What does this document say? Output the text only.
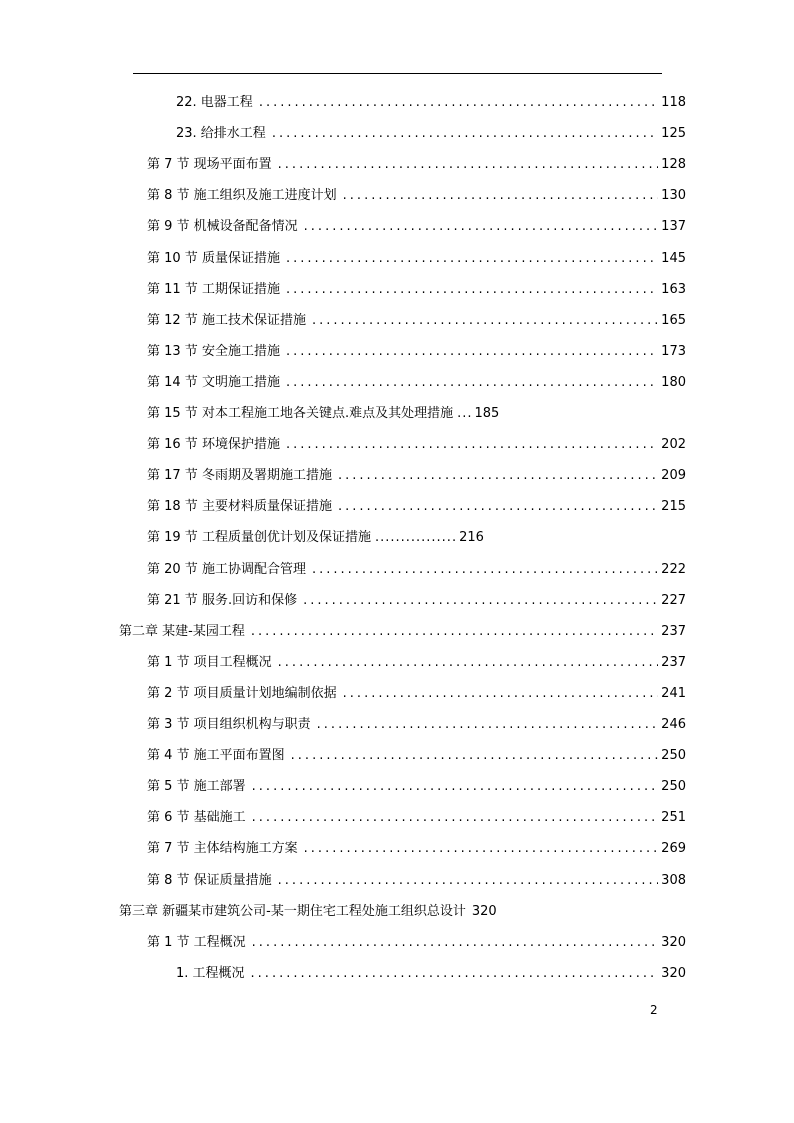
22. 电器工程 .....	118
23. 给排水工程 .....	125
第 7 节 现场平面布置 .....	128
第 8 节 施工组织及施工进度计划 .....	130
第 9 节 机械设备配备情况 .....	137
第 10 节 质量保证措施 .....	145
第 11 节 工期保证措施 .....	163
第 12 节 施工技术保证措施 .....	165
第 13 节 安全施工措施 .....	173
第 14 节 文明施工措施 .....	180
第 15 节 对本工程施工地各关键点.难点及其处理措施 ... 185
第 16 节 环境保护措施 .....	202
第 17 节 冬雨期及署期施工措施 .....	209
第 18 节 主要材料质量保证措施 .....	215
第 19 节 工程质量创优计划及保证措施 ................ 216
第 20 节 施工协调配合管理 .....	222
第 21 节 服务.回访和保修 .....	227
第二章 某建-某园工程 .....	237
第 1 节 项目工程概况 .....	237
第 2 节 项目质量计划地编制依据 .....	241
第 3 节 项目组织机构与职责 .....	246
第 4 节 施工平面布置图 .....	250
第 5 节 施工部署 .....	250
第 6 节 基础施工 .....	251
第 7 节 主体结构施工方案 .....	269
第 8 节 保证质量措施 .....	308
第三章 新疆某市建筑公司-某一期住宅工程处施工组织总设计 320
第 1 节 工程概况 .....	320
1. 工程概况 .....	320
2
